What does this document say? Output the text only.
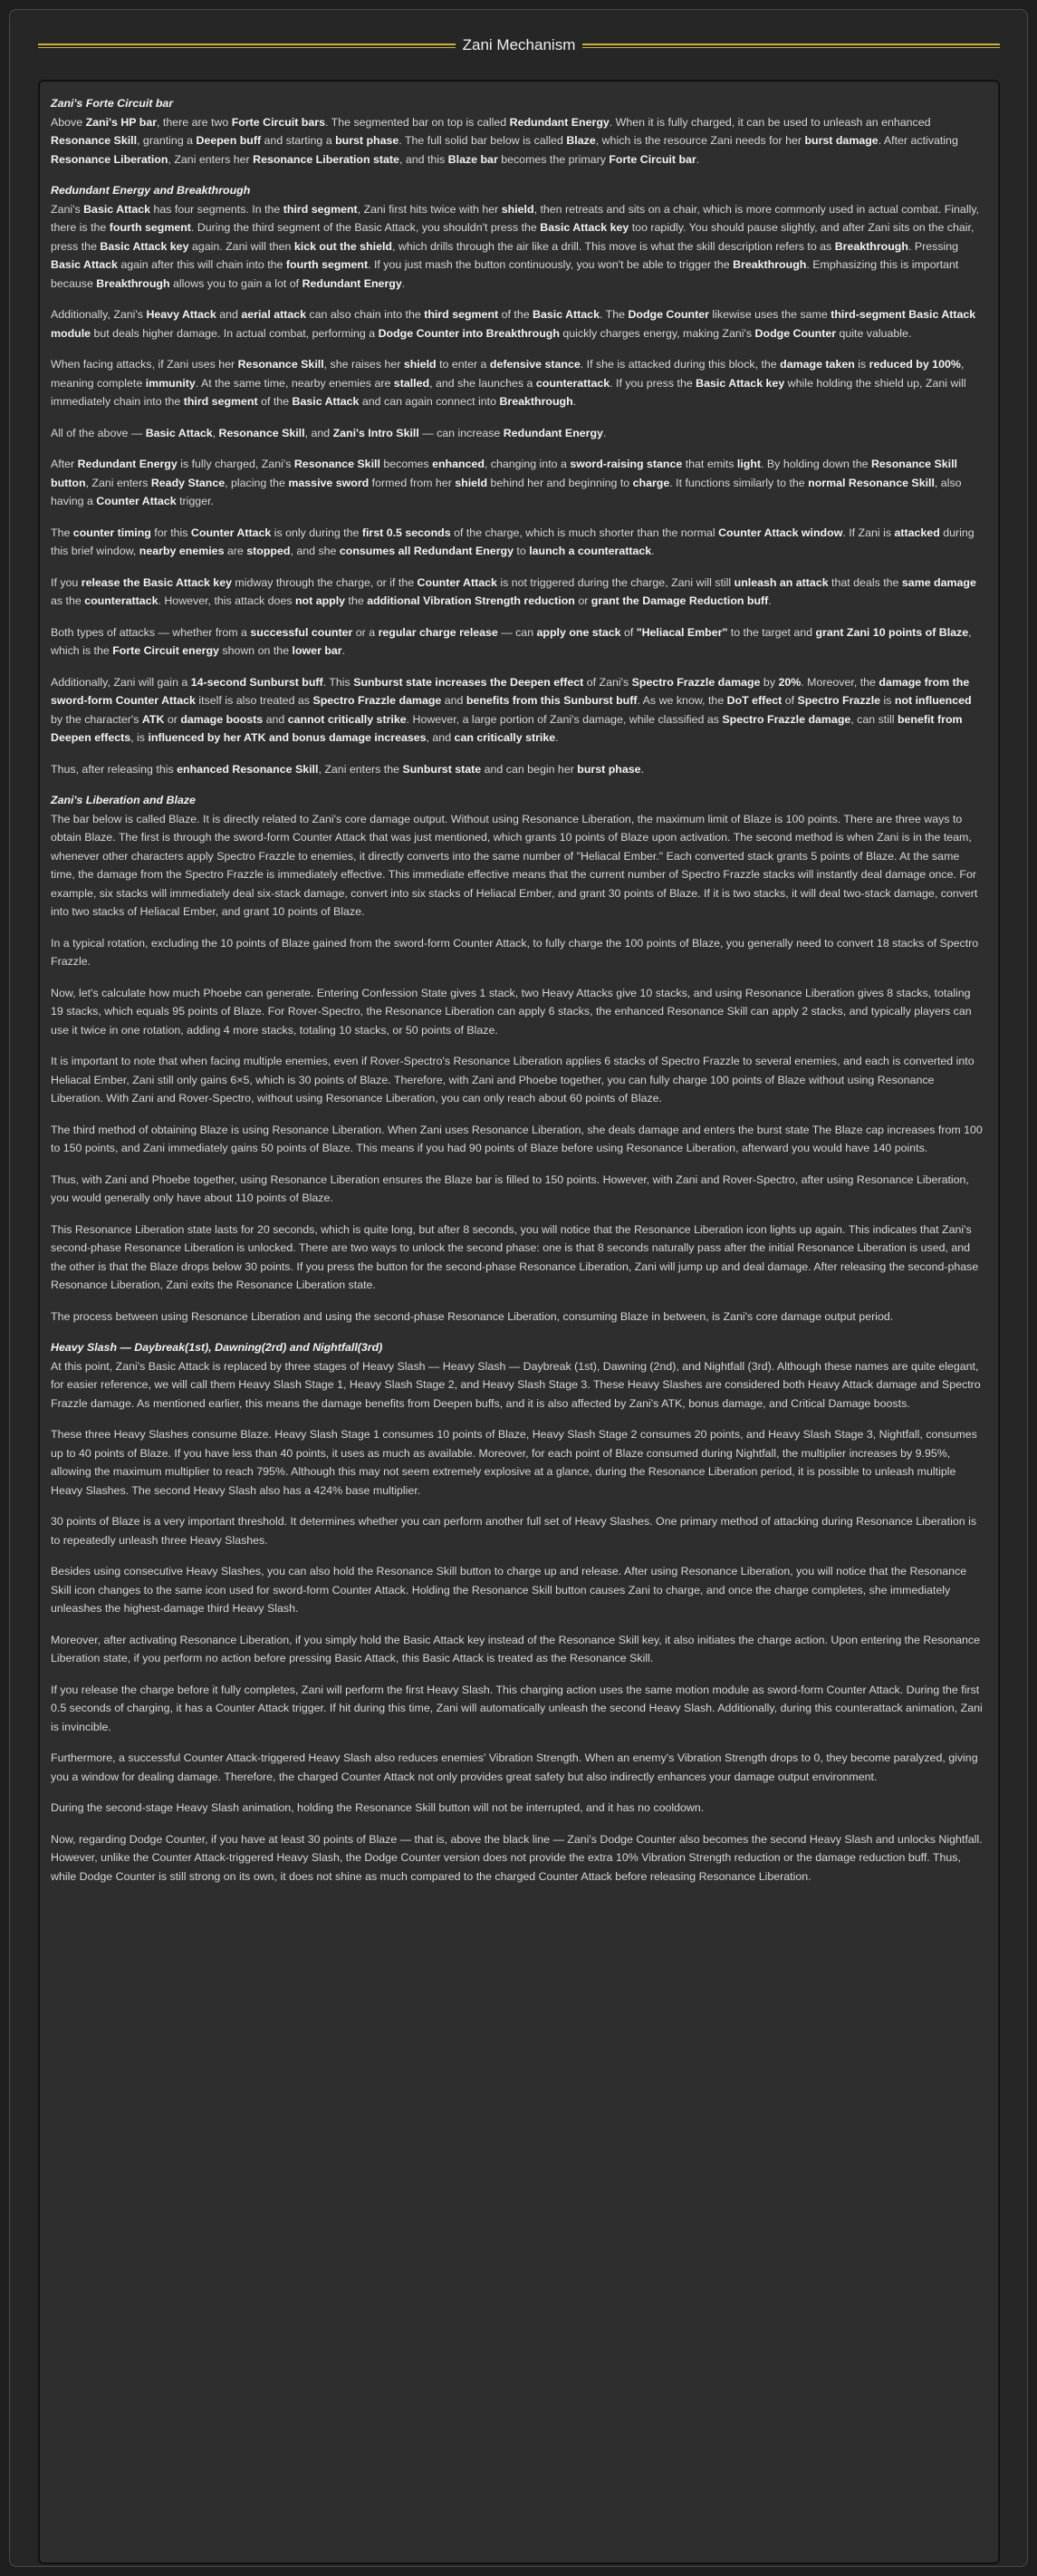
Zani Mechanism
Zani's Forte Circuit bar

Above Zani's HP bar, there are two Forte Circuit bars. The segmented bar on top is called Redundant Energy. When it is fully charged, it can be used to unleash an enhanced Resonance Skill, granting a Deepen buff and starting a burst phase. The full solid bar below is called Blaze, which is the resource Zani needs for her burst damage. After activating Resonance Liberation, Zani enters her Resonance Liberation state, and this Blaze bar becomes the primary Forte Circuit bar.

Redundant Energy and Breakthrough

Zani's Basic Attack has four segments. In the third segment, Zani first hits twice with her shield, then retreats and sits on a chair, which is more commonly used in actual combat. Finally, there is the fourth segment. During the third segment of the Basic Attack, you shouldn't press the Basic Attack key too rapidly. You should pause slightly, and after Zani sits on the chair, press the Basic Attack key again. Zani will then kick out the shield, which drills through the air like a drill. This move is what the skill description refers to as Breakthrough. Pressing Basic Attack again after this will chain into the fourth segment. If you just mash the button continuously, you won't be able to trigger the Breakthrough. Emphasizing this is important because Breakthrough allows you to gain a lot of Redundant Energy.

Additionally, Zani's Heavy Attack and aerial attack can also chain into the third segment of the Basic Attack. The Dodge Counter likewise uses the same third-segment Basic Attack module but deals higher damage. In actual combat, performing a Dodge Counter into Breakthrough quickly charges energy, making Zani's Dodge Counter quite valuable.

When facing attacks, if Zani uses her Resonance Skill, she raises her shield to enter a defensive stance. If she is attacked during this block, the damage taken is reduced by 100%, meaning complete immunity. At the same time, nearby enemies are stalled, and she launches a counterattack. If you press the Basic Attack key while holding the shield up, Zani will immediately chain into the third segment of the Basic Attack and can again connect into Breakthrough.

All of the above — Basic Attack, Resonance Skill, and Zani's Intro Skill — can increase Redundant Energy.

After Redundant Energy is fully charged, Zani's Resonance Skill becomes enhanced, changing into a sword-raising stance that emits light. By holding down the Resonance Skill button, Zani enters Ready Stance, placing the massive sword formed from her shield behind her and beginning to charge. It functions similarly to the normal Resonance Skill, also having a Counter Attack trigger.

The counter timing for this Counter Attack is only during the first 0.5 seconds of the charge, which is much shorter than the normal Counter Attack window. If Zani is attacked during this brief window, nearby enemies are stopped, and she consumes all Redundant Energy to launch a counterattack.

If you release the Basic Attack key midway through the charge, or if the Counter Attack is not triggered during the charge, Zani will still unleash an attack that deals the same damage as the counterattack. However, this attack does not apply the additional Vibration Strength reduction or grant the Damage Reduction buff.

Both types of attacks — whether from a successful counter or a regular charge release — can apply one stack of "Heliacal Ember" to the target and grant Zani 10 points of Blaze, which is the Forte Circuit energy shown on the lower bar.

Additionally, Zani will gain a 14-second Sunburst buff. This Sunburst state increases the Deepen effect of Zani's Spectro Frazzle damage by 20%. Moreover, the damage from the sword-form Counter Attack itself is also treated as Spectro Frazzle damage and benefits from this Sunburst buff. As we know, the DoT effect of Spectro Frazzle is not influenced by the character's ATK or damage boosts and cannot critically strike. However, a large portion of Zani's damage, while classified as Spectro Frazzle damage, can still benefit from Deepen effects, is influenced by her ATK and bonus damage increases, and can critically strike.

Thus, after releasing this enhanced Resonance Skill, Zani enters the Sunburst state and can begin her burst phase.

Zani's Liberation and Blaze

The bar below is called Blaze. It is directly related to Zani's core damage output. Without using Resonance Liberation, the maximum limit of Blaze is 100 points. There are three ways to obtain Blaze. The first is through the sword-form Counter Attack that was just mentioned, which grants 10 points of Blaze upon activation. The second method is when Zani is in the team, whenever other characters apply Spectro Frazzle to enemies, it directly converts into the same number of "Heliacal Ember." Each converted stack grants 5 points of Blaze. At the same time, the damage from the Spectro Frazzle is immediately effective. This immediate effective means that the current number of Spectro Frazzle stacks will instantly deal damage once. For example, six stacks will immediately deal six-stack damage, convert into six stacks of Heliacal Ember, and grant 30 points of Blaze. If it is two stacks, it will deal two-stack damage, convert into two stacks of Heliacal Ember, and grant 10 points of Blaze.

In a typical rotation, excluding the 10 points of Blaze gained from the sword-form Counter Attack, to fully charge the 100 points of Blaze, you generally need to convert 18 stacks of Spectro Frazzle.

Now, let's calculate how much Phoebe can generate. Entering Confession State gives 1 stack, two Heavy Attacks give 10 stacks, and using Resonance Liberation gives 8 stacks, totaling 19 stacks, which equals 95 points of Blaze. For Rover-Spectro, the Resonance Liberation can apply 6 stacks, the enhanced Resonance Skill can apply 2 stacks, and typically players can use it twice in one rotation, adding 4 more stacks, totaling 10 stacks, or 50 points of Blaze.

It is important to note that when facing multiple enemies, even if Rover-Spectro's Resonance Liberation applies 6 stacks of Spectro Frazzle to several enemies, and each is converted into Heliacal Ember, Zani still only gains 6×5, which is 30 points of Blaze. Therefore, with Zani and Phoebe together, you can fully charge 100 points of Blaze without using Resonance Liberation. With Zani and Rover-Spectro, without using Resonance Liberation, you can only reach about 60 points of Blaze.

The third method of obtaining Blaze is using Resonance Liberation. When Zani uses Resonance Liberation, she deals damage and enters the burst state The Blaze cap increases from 100 to 150 points, and Zani immediately gains 50 points of Blaze. This means if you had 90 points of Blaze before using Resonance Liberation, afterward you would have 140 points.

Thus, with Zani and Phoebe together, using Resonance Liberation ensures the Blaze bar is filled to 150 points. However, with Zani and Rover-Spectro, after using Resonance Liberation, you would generally only have about 110 points of Blaze.

This Resonance Liberation state lasts for 20 seconds, which is quite long, but after 8 seconds, you will notice that the Resonance Liberation icon lights up again. This indicates that Zani's second-phase Resonance Liberation is unlocked. There are two ways to unlock the second phase: one is that 8 seconds naturally pass after the initial Resonance Liberation is used, and the other is that the Blaze drops below 30 points. If you press the button for the second-phase Resonance Liberation, Zani will jump up and deal damage. After releasing the second-phase Resonance Liberation, Zani exits the Resonance Liberation state.

The process between using Resonance Liberation and using the second-phase Resonance Liberation, consuming Blaze in between, is Zani's core damage output period.

Heavy Slash — Daybreak(1st), Dawning(2rd) and Nightfall(3rd)

At this point, Zani's Basic Attack is replaced by three stages of Heavy Slash — Heavy Slash — Daybreak (1st), Dawning (2nd), and Nightfall (3rd). Although these names are quite elegant, for easier reference, we will call them Heavy Slash Stage 1, Heavy Slash Stage 2, and Heavy Slash Stage 3. These Heavy Slashes are considered both Heavy Attack damage and Spectro Frazzle damage. As mentioned earlier, this means the damage benefits from Deepen buffs, and it is also affected by Zani's ATK, bonus damage, and Critical Damage boosts.

These three Heavy Slashes consume Blaze. Heavy Slash Stage 1 consumes 10 points of Blaze, Heavy Slash Stage 2 consumes 20 points, and Heavy Slash Stage 3, Nightfall, consumes up to 40 points of Blaze. If you have less than 40 points, it uses as much as available. Moreover, for each point of Blaze consumed during Nightfall, the multiplier increases by 9.95%, allowing the maximum multiplier to reach 795%. Although this may not seem extremely explosive at a glance, during the Resonance Liberation period, it is possible to unleash multiple Heavy Slashes. The second Heavy Slash also has a 424% base multiplier.

30 points of Blaze is a very important threshold. It determines whether you can perform another full set of Heavy Slashes. One primary method of attacking during Resonance Liberation is to repeatedly unleash three Heavy Slashes.

Besides using consecutive Heavy Slashes, you can also hold the Resonance Skill button to charge up and release. After using Resonance Liberation, you will notice that the Resonance Skill icon changes to the same icon used for sword-form Counter Attack. Holding the Resonance Skill button causes Zani to charge, and once the charge completes, she immediately unleashes the highest-damage third Heavy Slash.

Moreover, after activating Resonance Liberation, if you simply hold the Basic Attack key instead of the Resonance Skill key, it also initiates the charge action. Upon entering the Resonance Liberation state, if you perform no action before pressing Basic Attack, this Basic Attack is treated as the Resonance Skill.

If you release the charge before it fully completes, Zani will perform the first Heavy Slash. This charging action uses the same motion module as sword-form Counter Attack. During the first 0.5 seconds of charging, it has a Counter Attack trigger. If hit during this time, Zani will automatically unleash the second Heavy Slash. Additionally, during this counterattack animation, Zani is invincible.

Furthermore, a successful Counter Attack-triggered Heavy Slash also reduces enemies' Vibration Strength. When an enemy's Vibration Strength drops to 0, they become paralyzed, giving you a window for dealing damage. Therefore, the charged Counter Attack not only provides great safety but also indirectly enhances your damage output environment.

During the second-stage Heavy Slash animation, holding the Resonance Skill button will not be interrupted, and it has no cooldown.

Now, regarding Dodge Counter, if you have at least 30 points of Blaze — that is, above the black line — Zani's Dodge Counter also becomes the second Heavy Slash and unlocks Nightfall. However, unlike the Counter Attack-triggered Heavy Slash, the Dodge Counter version does not provide the extra 10% Vibration Strength reduction or the damage reduction buff. Thus, while Dodge Counter is still strong on its own, it does not shine as much compared to the charged Counter Attack before releasing Resonance Liberation.
